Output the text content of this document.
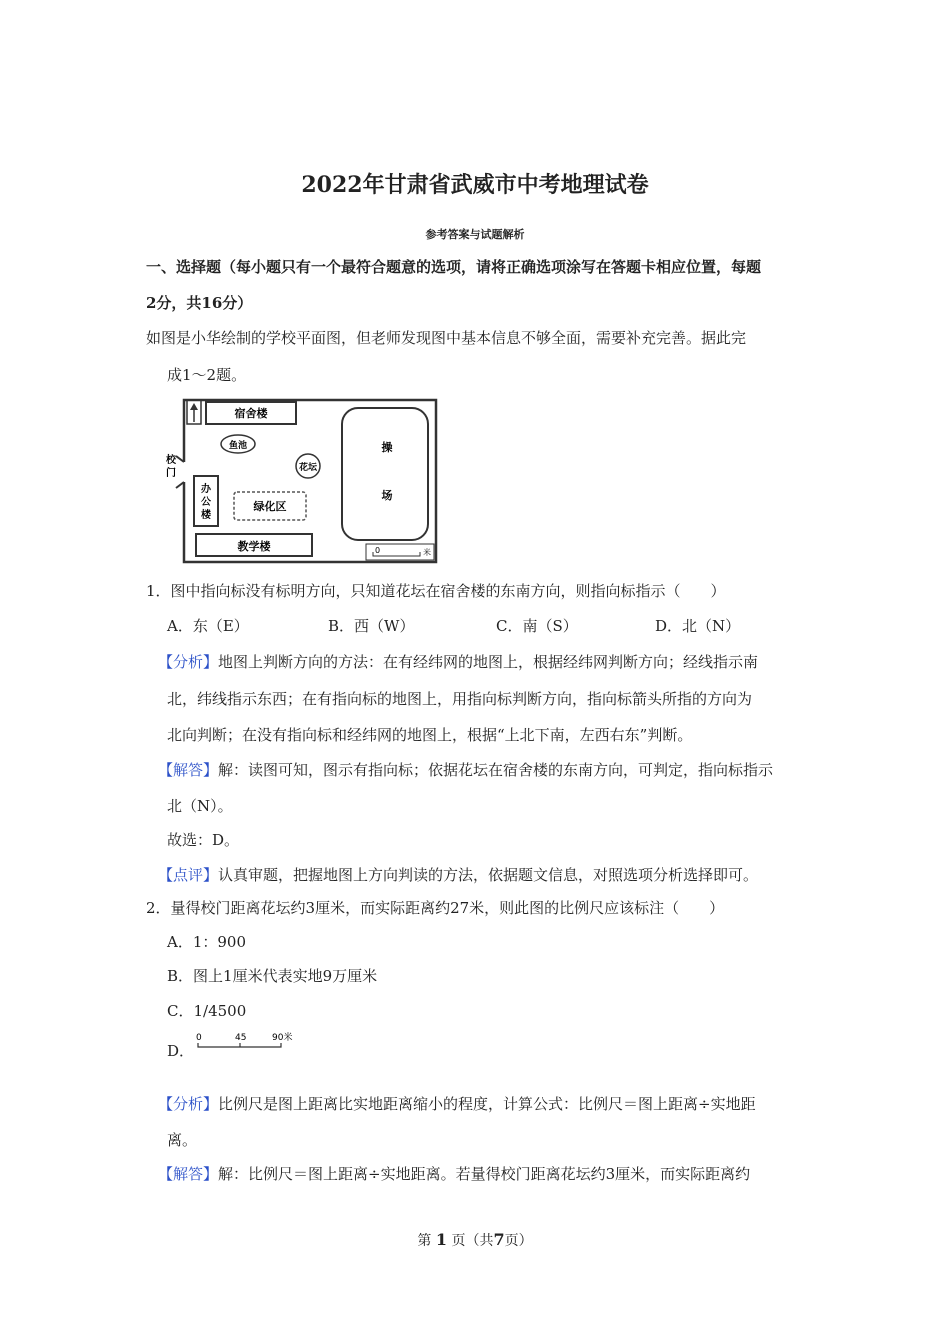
2022年甘肃省武威市中考地理试卷
参考答案与试题解析
一、选择题（每小题只有一个最符合题意的选项，请将正确选项涂写在答题卡相应位置，每题
2分，共16分）
如图是小华绘制的学校平面图，但老师发现图中基本信息不够全面，需要补充完善。据此完
成1～2题。
宿舍楼
鱼池
花坛
操
场
校
门
办
公
楼
绿化区
教学楼	0	米
1．图中指向标没有标明方向，只知道花坛在宿舍楼的东南方向，则指向标指示（　　）
A．东（E）	B．西（W）	C．南（S）	D．北（N）
【分析】地图上判断方向的方法：在有经纬网的地图上，根据经纬网判断方向；经线指示南
北，纬线指示东西；在有指向标的地图上，用指向标判断方向，指向标箭头所指的方向为
北向判断；在没有指向标和经纬网的地图上，根据“上北下南，左西右东”判断。
【解答】解：读图可知，图示有指向标；依据花坛在宿舍楼的东南方向，可判定，指向标指示
北（N）。
故选：D。
【点评】认真审题，把握地图上方向判读的方法，依据题文信息，对照选项分析选择即可。
2．量得校门距离花坛约3厘米，而实际距离约27米，则此图的比例尺应该标注（　　）
A．1：900
B．图上1厘米代表实地9万厘米
C．1/4500
D．
0	45	90米
【分析】比例尺是图上距离比实地距离缩小的程度，计算公式：比例尺＝图上距离÷实地距
离。
【解答】解：比例尺＝图上距离÷实地距离。若量得校门距离花坛约3厘米，而实际距离约
第 1 页（共7页）
